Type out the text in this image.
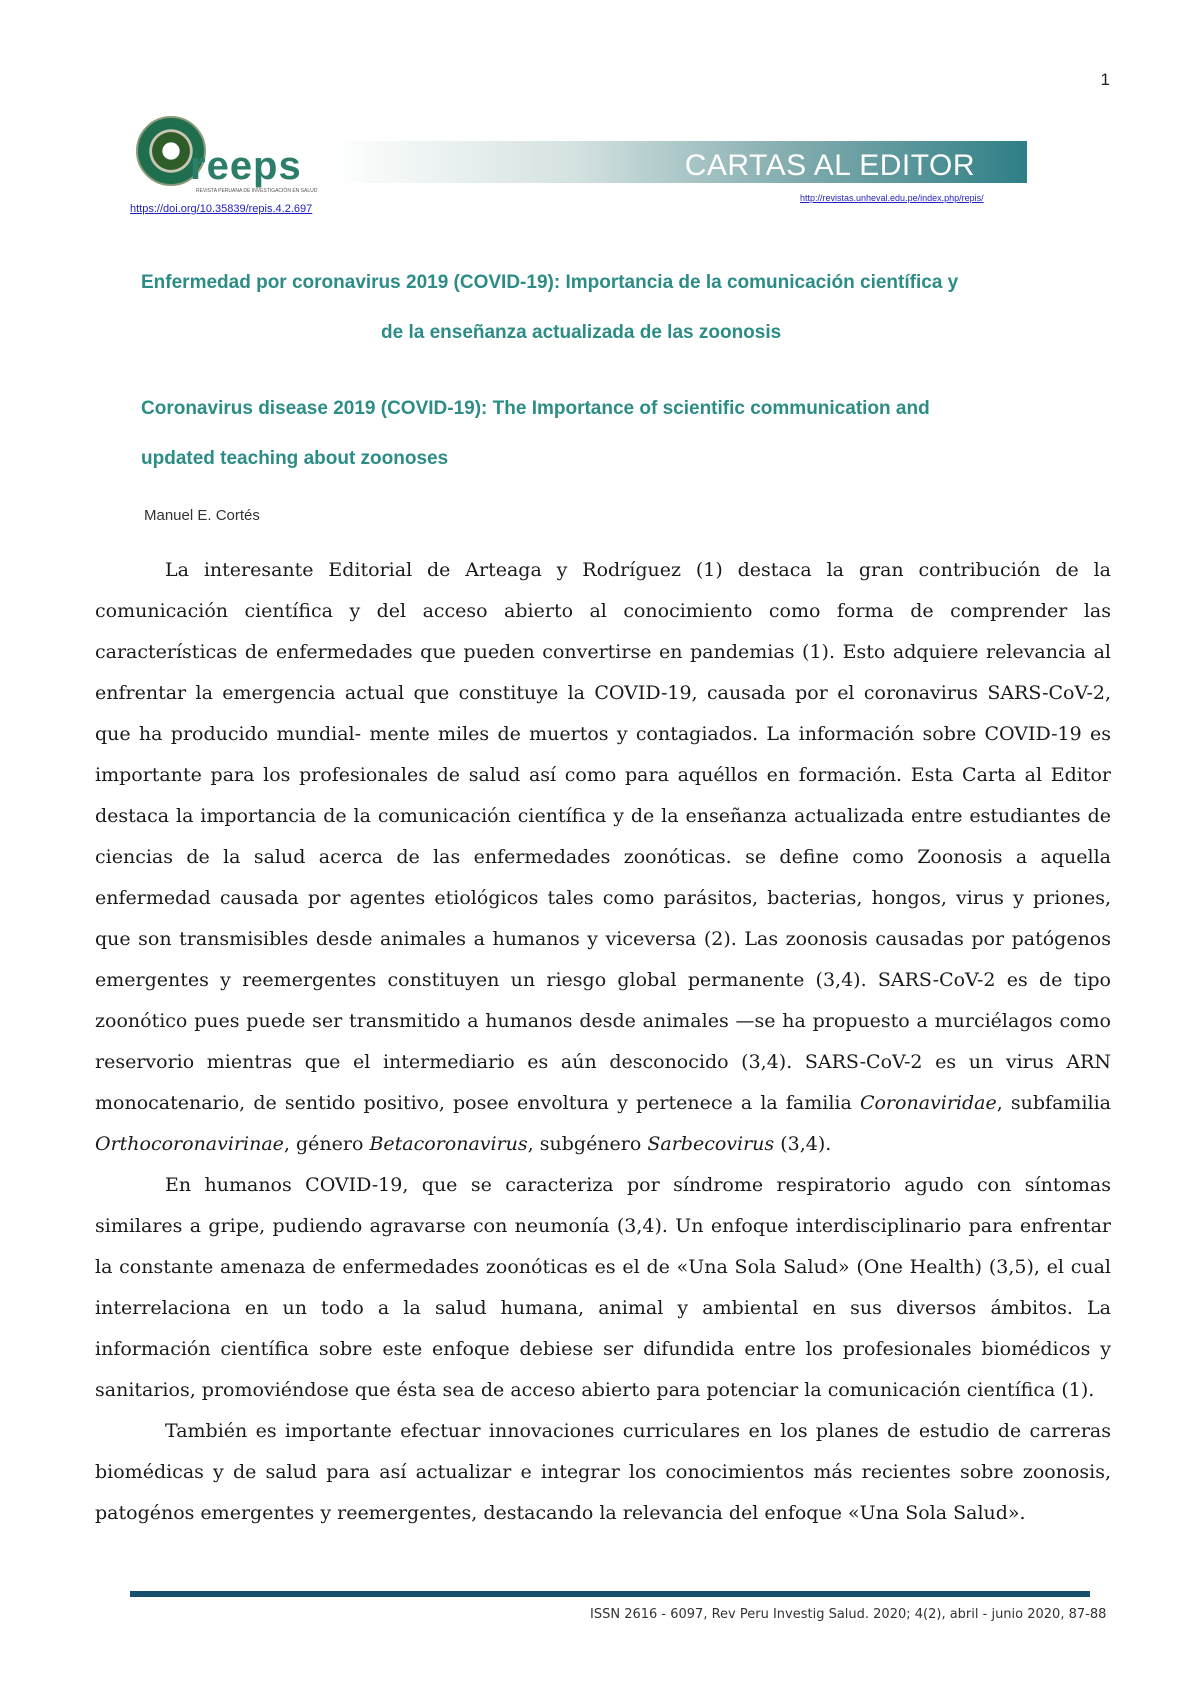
1
reeps
REVISTA PERUANA DE INVESTIGACIÓN EN SALUD
CARTAS AL EDITOR
https://doi.org/10.35839/repis.4.2.697
http://revistas.unheval.edu.pe/index.php/repis/
Enfermedad por coronavirus 2019 (COVID-19): Importancia de la comunicación científica y
de la enseñanza actualizada de las zoonosis
Coronavirus disease 2019 (COVID-19): The Importance of scientific communication and
updated teaching about zoonoses
Manuel E. Cortés

La interesante Editorial de Arteaga y Rodríguez (1) destaca la gran contribución de la comunicación científica y del acceso abierto al conocimiento como forma de comprender las características de enfermedades que pueden convertirse en pandemias (1). Esto adquiere relevancia al enfrentar la emergencia actual que constituye la COVID-19, causada por el coronavirus SARS-CoV-2, que ha producido mundial- mente miles de muertos y contagiados. La información sobre COVID-19 es importante para los profesionales de salud así como para aquéllos en formación. Esta Carta al Editor destaca la importancia de la comunicación científica y de la enseñanza actualizada entre estudiantes de ciencias de la salud acerca de las enfermedades zoonóticas. se define como Zoonosis a aquella enfermedad causada por agentes etiológicos tales como parásitos, bacterias, hongos, virus y priones, que son transmisibles desde animales a humanos y viceversa (2). Las zoonosis causadas por patógenos emergentes y reemergentes constituyen un riesgo global permanente (3,4). SARS-CoV-2 es de tipo zoonótico pues puede ser transmitido a humanos desde animales —se ha propuesto a murciélagos como reservorio mientras que el intermediario es aún desconocido (3,4). SARS-CoV-2 es un virus ARN monocatenario, de sentido positivo, posee envoltura y pertenece a la familia Coronaviridae, subfamilia Orthocoronavirinae, género Betacoronavirus, subgénero Sarbecovirus (3,4).

En humanos COVID-19, que se caracteriza por síndrome respiratorio agudo con síntomas similares a gripe, pudiendo agravarse con neumonía (3,4). Un enfoque interdisciplinario para enfrentar la constante amenaza de enfermedades zoonóticas es el de «Una Sola Salud» (One Health) (3,5), el cual interrelaciona en un todo a la salud humana, animal y ambiental en sus diversos ámbitos. La información científica sobre este enfoque debiese ser difundida entre los profesionales biomédicos y sanitarios, promoviéndose que ésta sea de acceso abierto para potenciar la comunicación científica (1).

También es importante efectuar innovaciones curriculares en los planes de estudio de carreras biomédicas y de salud para así actualizar e integrar los conocimientos más recientes sobre zoonosis, patogénos emergentes y reemergentes, destacando la relevancia del enfoque «Una Sola Salud».

ISSN 2616 - 6097, Rev Peru Investig Salud. 2020; 4(2), abril - junio 2020, 87-88
